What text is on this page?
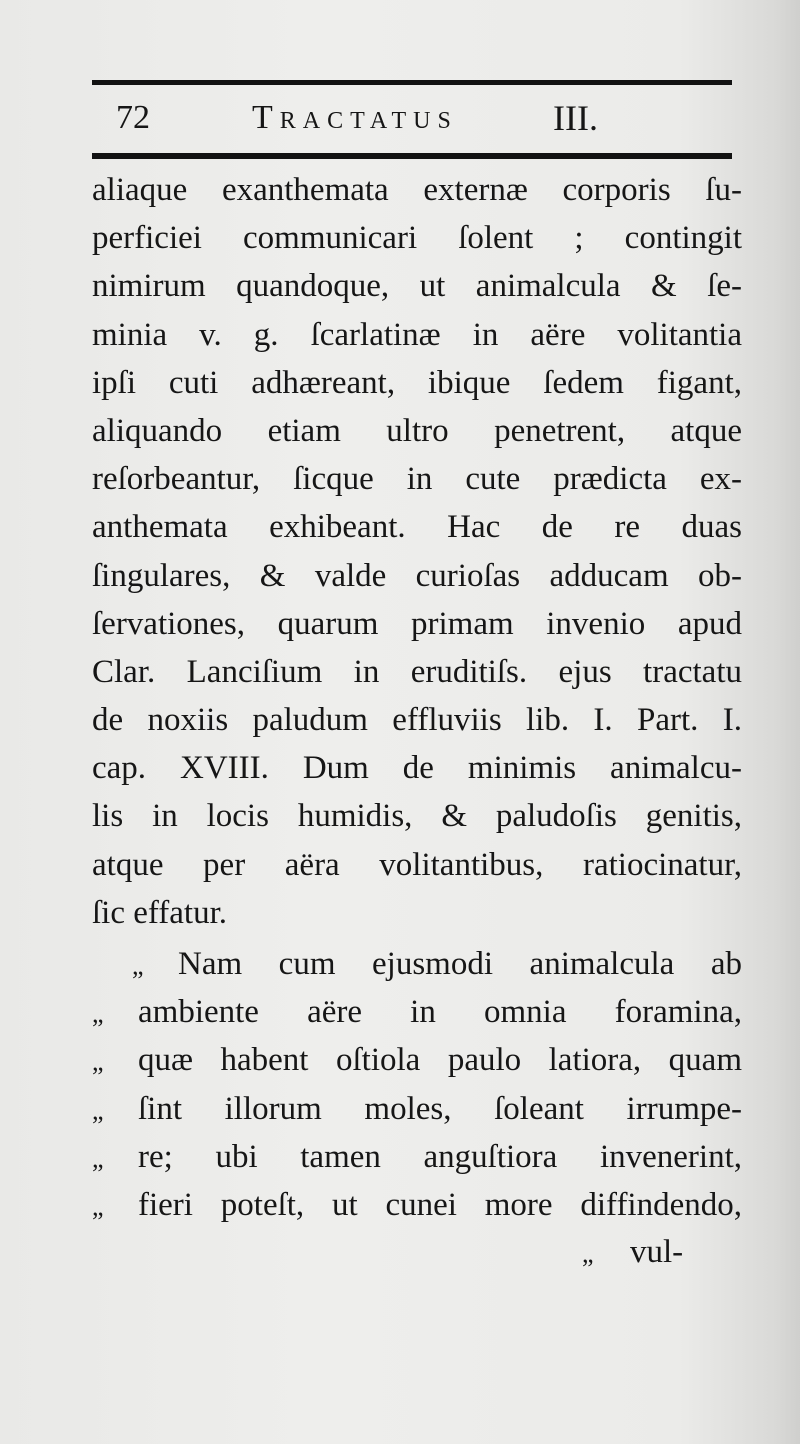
72	Tractatus	III.
aliaque exanthemata externæ corporis ſu-
perficiei communicari ſolent ; contingit
nimirum quandoque, ut animalcula & ſe-
minia v. g. ſcarlatinæ in aëre volitantia
ipſi cuti adhæreant, ibique ſedem figant,
aliquando etiam ultro penetrent, atque
reſorbeantur, ſicque in cute prædicta ex-
anthemata exhibeant. Hac de re duas
ſingulares, & valde curioſas adducam ob-
ſervationes, quarum primam invenio apud
Clar. Lanciſium in eruditiſs. ejus tractatu
de noxiis paludum effluviis lib. I. Part. I.
cap. XVIII. Dum de minimis animalcu-
lis in locis humidis, & paludoſis genitis,
atque per aëra volitantibus, ratiocinatur,
ſic effatur.
„	Nam cum ejusmodi animalcula ab
„	ambiente aëre in omnia foramina,
„	quæ habent oſtiola paulo latiora, quam
„	ſint illorum moles, ſoleant irrumpe-
„	re; ubi tamen anguſtiora invenerint,
„	fieri poteſt, ut cunei more diffindendo,
„	vul-
